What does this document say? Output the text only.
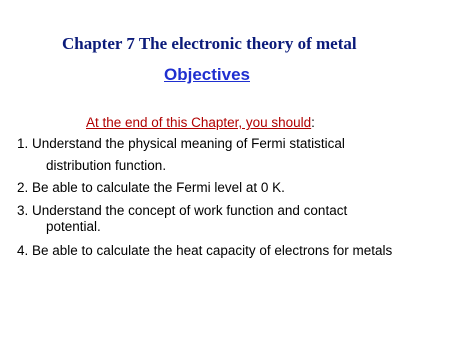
Chapter 7 The electronic theory of metal
Objectives
At the end of this Chapter, you should:
1. Understand the physical meaning of Fermi statistical
distribution function.
2. Be able to calculate the Fermi level at 0 K.
3. Understand the concept of work function and contact
potential.
4. Be able to calculate the heat capacity of electrons for metals
